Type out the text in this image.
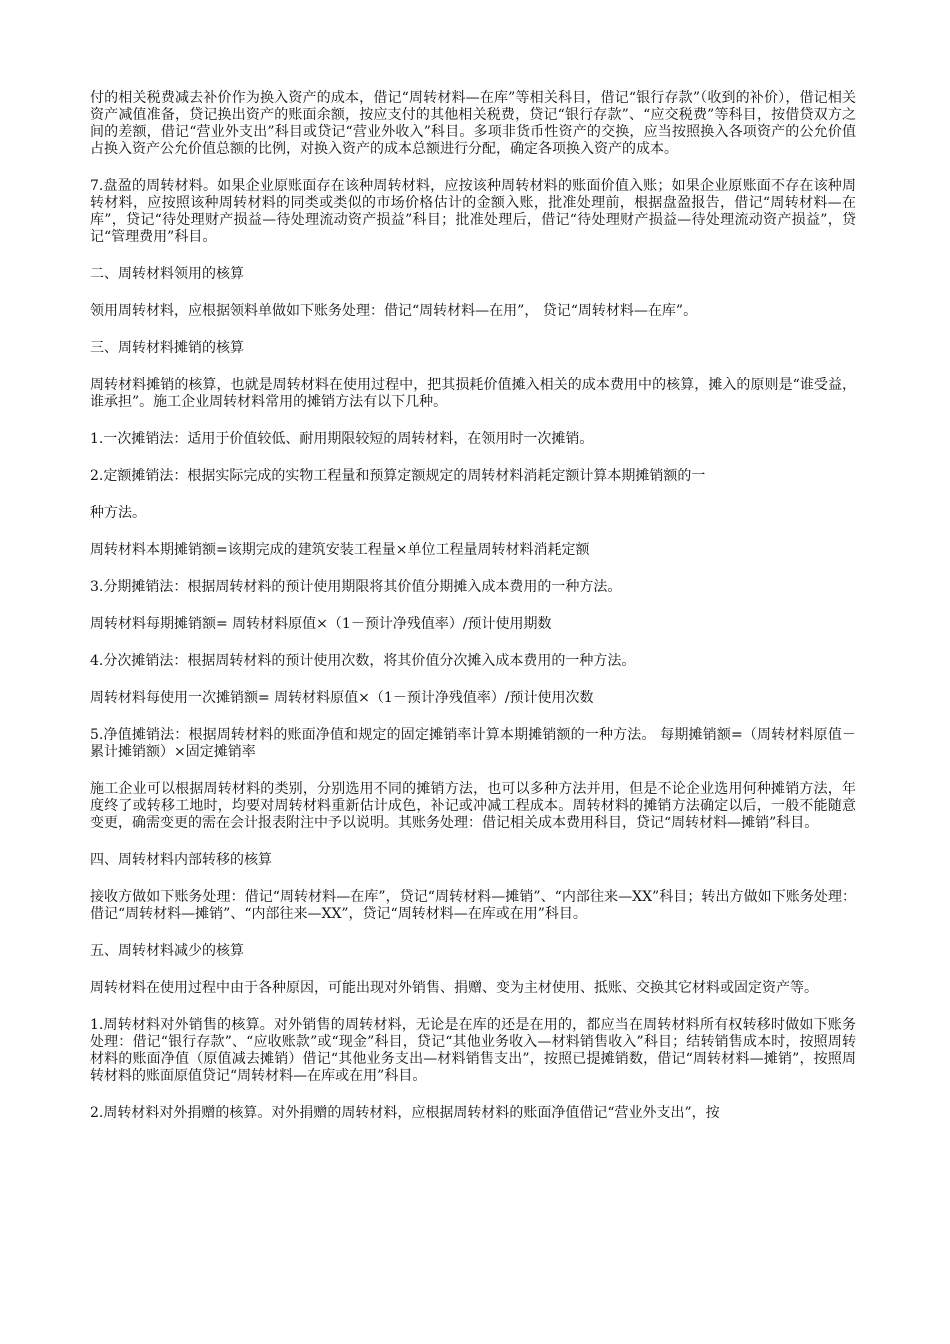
付的相关税费减去补价作为换入资产的成本，借记“周转材料—在库”等相关科目，借记“银行存款”（收到的补价），借记相关资产减值准备，贷记换出资产的账面余额，按应支付的其他相关税费，贷记“银行存款”、“应交税费”等科目，按借贷双方之间的差额，借记“营业外支出”科目或贷记“营业外收入”科目。多项非货币性资产的交换，应当按照换入各项资产的公允价值占换入资产公允价值总额的比例，对换入资产的成本总额进行分配，确定各项换入资产的成本。

7.盘盈的周转材料。如果企业原账面存在该种周转材料，应按该种周转材料的账面价值入账；如果企业原账面不存在该种周转材料，应按照该种周转材料的同类或类似的市场价格估计的金额入账，批准处理前，根据盘盈报告，借记“周转材料—在库”，贷记“待处理财产损益—待处理流动资产损益”科目；批准处理后，借记“待处理财产损益—待处理流动资产损益”，贷记“管理费用”科目。

二、周转材料领用的核算

领用周转材料，应根据领料单做如下账务处理：借记“周转材料—在用”， 贷记“周转材料—在库”。

三、周转材料摊销的核算

周转材料摊销的核算，也就是周转材料在使用过程中，把其损耗价值摊入相关的成本费用中的核算，摊入的原则是“谁受益，谁承担”。施工企业周转材料常用的摊销方法有以下几种。

1.一次摊销法：适用于价值较低、耐用期限较短的周转材料，在领用时一次摊销。

2.定额摊销法：根据实际完成的实物工程量和预算定额规定的周转材料消耗定额计算本期摊销额的一

种方法。

周转材料本期摊销额=该期完成的建筑安装工程量×单位工程量周转材料消耗定额

3.分期摊销法：根据周转材料的预计使用期限将其价值分期摊入成本费用的一种方法。

周转材料每期摊销额= 周转材料原值×（1－预计净残值率）/预计使用期数

4.分次摊销法：根据周转材料的预计使用次数，将其价值分次摊入成本费用的一种方法。

周转材料每使用一次摊销额= 周转材料原值×（1－预计净残值率）/预计使用次数

5.净值摊销法：根据周转材料的账面净值和规定的固定摊销率计算本期摊销额的一种方法。 每期摊销额=（周转材料原值－累计摊销额）×固定摊销率

施工企业可以根据周转材料的类别，分别选用不同的摊销方法，也可以多种方法并用，但是不论企业选用何种摊销方法，年度终了或转移工地时，均要对周转材料重新估计成色，补记或冲减工程成本。周转材料的摊销方法确定以后，一般不能随意变更，确需变更的需在会计报表附注中予以说明。其账务处理：借记相关成本费用科目，贷记“周转材料—摊销”科目。

四、周转材料内部转移的核算

接收方做如下账务处理：借记“周转材料—在库”，贷记“周转材料—摊销”、“内部往来—XX”科目；转出方做如下账务处理：借记“周转材料—摊销”、“内部往来—XX”，贷记“周转材料—在库或在用”科目。

五、周转材料减少的核算

周转材料在使用过程中由于各种原因，可能出现对外销售、捐赠、变为主材使用、抵账、交换其它材料或固定资产等。

1.周转材料对外销售的核算。对外销售的周转材料，无论是在库的还是在用的，都应当在周转材料所有权转移时做如下账务处理：借记“银行存款”、“应收账款”或“现金”科目，贷记“其他业务收入—材料销售收入”科目；结转销售成本时，按照周转材料的账面净值（原值减去摊销）借记“其他业务支出—材料销售支出”，按照已提摊销数，借记“周转材料—摊销”，按照周转材料的账面原值贷记“周转材料—在库或在用”科目。

2.周转材料对外捐赠的核算。对外捐赠的周转材料，应根据周转材料的账面净值借记“营业外支出”，按
